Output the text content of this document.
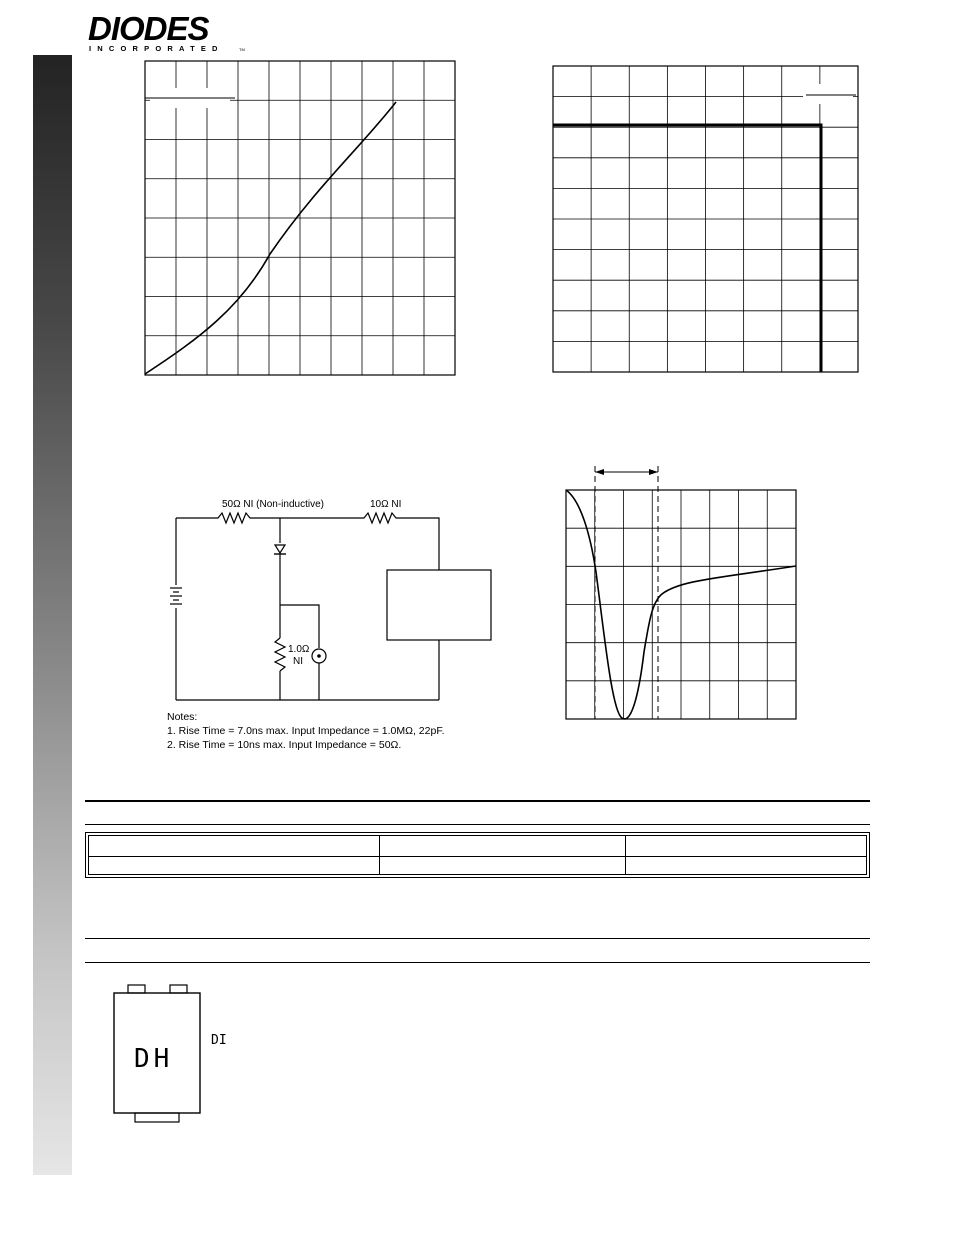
DIODES
INCORPORATED	TM
50Ω NI (Non-inductive)	10Ω NI
1.0Ω
NI
Notes:
1. Rise Time = 7.0ns max. Input Impedance = 1.0MΩ, 22pF.
2. Rise Time = 10ns max. Input Impedance = 50Ω.
DH
DI
